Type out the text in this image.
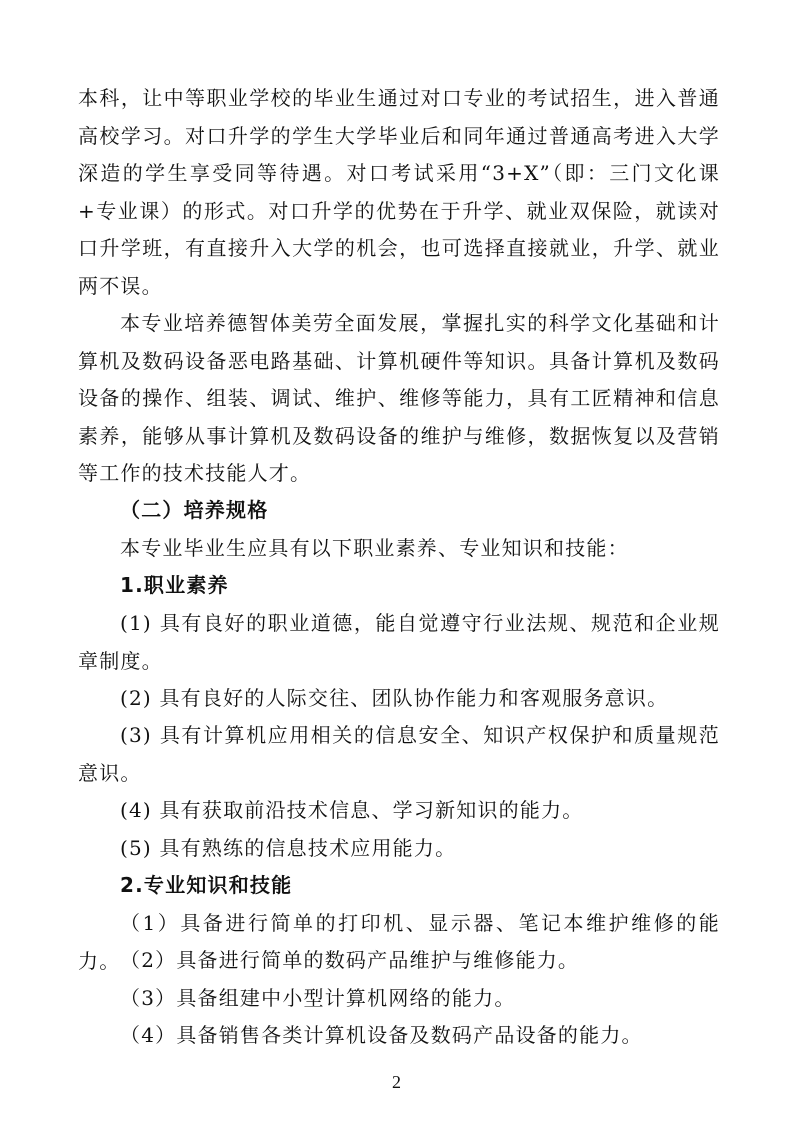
本科，让中等职业学校的毕业生通过对口专业的考试招生，进入普通高校学习。对口升学的学生大学毕业后和同年通过普通高考进入大学深造的学生享受同等待遇。对口考试采用“3+X”（即：三门文化课+专业课）的形式。对口升学的优势在于升学、就业双保险，就读对口升学班，有直接升入大学的机会，也可选择直接就业，升学、就业两不误。

本专业培养德智体美劳全面发展，掌握扎实的科学文化基础和计算机及数码设备恶电路基础、计算机硬件等知识。具备计算机及数码设备的操作、组装、调试、维护、维修等能力，具有工匠精神和信息素养，能够从事计算机及数码设备的维护与维修，数据恢复以及营销等工作的技术技能人才。

（二）培养规格

本专业毕业生应具有以下职业素养、专业知识和技能：

1.职业素养

(1) 具有良好的职业道德，能自觉遵守行业法规、规范和企业规章制度。

(2) 具有良好的人际交往、团队协作能力和客观服务意识。

(3) 具有计算机应用相关的信息安全、知识产权保护和质量规范意识。

(4) 具有获取前沿技术信息、学习新知识的能力。

(5) 具有熟练的信息技术应用能力。

2.专业知识和技能

（1）具备进行简单的打印机、显示器、笔记本维护维修的能力。 （2）具备进行简单的数码产品维护与维修能力。

（3）具备组建中小型计算机网络的能力。

（4）具备销售各类计算机设备及数码产品设备的能力。

2
